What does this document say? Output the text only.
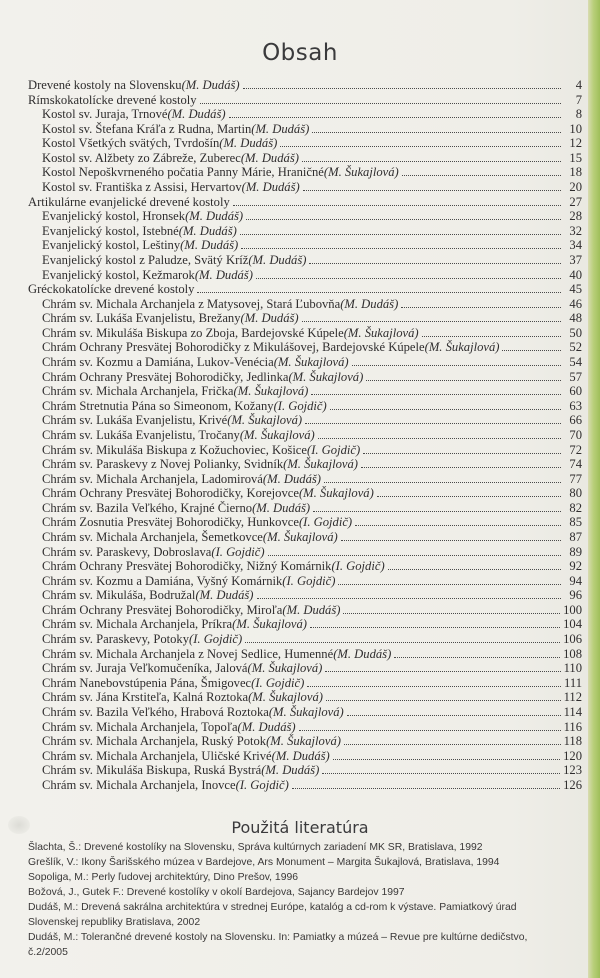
Obsah
Drevené kostoly na Slovensku (M. Dudáš)	4
Rímskokatolícke drevené kostoly	7
Kostol sv. Juraja, Trnové (M. Dudáš)	8
Kostol sv. Štefana Kráľa z Rudna, Martin (M. Dudáš)	10
Kostol Všetkých svätých, Tvrdošín (M. Dudáš)	12
Kostol sv. Alžbety zo Zábreže, Zuberec (M. Dudáš)	15
Kostol Nepoškvrneného počatia Panny Márie, Hraničné (M. Šukajlová)	18
Kostol sv. Františka z Assisi, Hervartov (M. Dudáš)	20
Artikulárne evanjelické drevené kostoly	27
Evanjelický kostol, Hronsek (M. Dudáš)	28
Evanjelický kostol, Istebné (M. Dudáš)	32
Evanjelický kostol, Leštiny (M. Dudáš)	34
Evanjelický kostol z Paludze, Svätý Kríž (M. Dudáš)	37
Evanjelický kostol, Kežmarok (M. Dudáš)	40
Gréckokatolícke drevené kostoly	45
Chrám sv. Michala Archanjela z Matysovej, Stará Ľubovňa (M. Dudáš)	46
Chrám sv. Lukáša Evanjelistu, Brežany (M. Dudáš)	48
Chrám sv. Mikuláša Biskupa zo Zboja, Bardejovské Kúpele (M. Šukajlová)	50
Chrám Ochrany Presvätej Bohorodičky z Mikulášovej, Bardejovské Kúpele (M. Šukajlová)	52
Chrám sv. Kozmu a Damiána, Lukov-Venécia (M. Šukajlová)	54
Chrám Ochrany Presvätej Bohorodičky, Jedlinka (M. Šukajlová)	57
Chrám sv. Michala Archanjela, Frička (M. Šukajlová)	60
Chrám Stretnutia Pána so Simeonom, Kožany (I. Gojdič)	63
Chrám sv. Lukáša Evanjelistu, Krivé (M. Šukajlová)	66
Chrám sv. Lukáša Evanjelistu, Tročany (M. Šukajlová)	70
Chrám sv. Mikuláša Biskupa z Kožuchoviec, Košice (I. Gojdič)	72
Chrám sv. Paraskevy z Novej Polianky, Svidník (M. Šukajlová)	74
Chrám sv. Michala Archanjela, Ladomirová (M. Dudáš)	77
Chrám Ochrany Presvätej Bohorodičky, Korejovce (M. Šukajlová)	80
Chrám sv. Bazila Veľkého, Krajné Čierno (M. Dudáš)	82
Chrám Zosnutia Presvätej Bohorodičky, Hunkovce (I. Gojdič)	85
Chrám sv. Michala Archanjela, Šemetkovce (M. Šukajlová)	87
Chrám sv. Paraskevy, Dobroslava (I. Gojdič)	89
Chrám Ochrany Presvätej Bohorodičky, Nižný Komárnik (I. Gojdič)	92
Chrám sv. Kozmu a Damiána, Vyšný Komárnik (I. Gojdič)	94
Chrám sv. Mikuláša, Bodružal (M. Dudáš)	96
Chrám Ochrany Presvätej Bohorodičky, Miroľa (M. Dudáš)	100
Chrám sv. Michala Archanjela, Príkra (M. Šukajlová)	104
Chrám sv. Paraskevy, Potoky (I. Gojdič)	106
Chrám sv. Michala Archanjela z Novej Sedlice, Humenné (M. Dudáš)	108
Chrám sv. Juraja Veľkomučeníka, Jalová (M. Šukajlová)	110
Chrám Nanebovstúpenia Pána, Šmigovec (I. Gojdič)	111
Chrám sv. Jána Krstiteľa, Kalná Roztoka (M. Šukajlová)	112
Chrám sv. Bazila Veľkého, Hrabová Roztoka (M. Šukajlová)	114
Chrám sv. Michala Archanjela, Topoľa (M. Dudáš)	116
Chrám sv. Michala Archanjela, Ruský Potok (M. Šukajlová)	118
Chrám sv. Michala Archanjela, Uličské Krivé (M. Dudáš)	120
Chrám sv. Mikuláša Biskupa, Ruská Bystrá (M. Dudáš)	123
Chrám sv. Michala Archanjela, Inovce (I. Gojdič)	126
Použitá literatúra
Šlachta, Š.: Drevené kostolíky na Slovensku, Správa kultúrnych zariadení MK SR, Bratislava, 1992
Grešlík, V.: Ikony Šarišského múzea v Bardejove, Ars Monument – Margita Šukajlová, Bratislava, 1994
Sopoliga, M.: Perly ľudovej architektúry, Dino Prešov, 1996
Božová, J., Gutek F.: Drevené kostolíky v okolí Bardejova, Sajancy Bardejov 1997
Dudáš, M.: Drevená sakrálna architektúra v strednej Európe, katalóg a cd-rom k výstave. Pamiatkový úrad
Slovenskej republiky Bratislava, 2002
Dudáš, M.: Tolerančné drevené kostoly na Slovensku. In: Pamiatky a múzeá – Revue pre kultúrne dedičstvo,
č.2/2005
